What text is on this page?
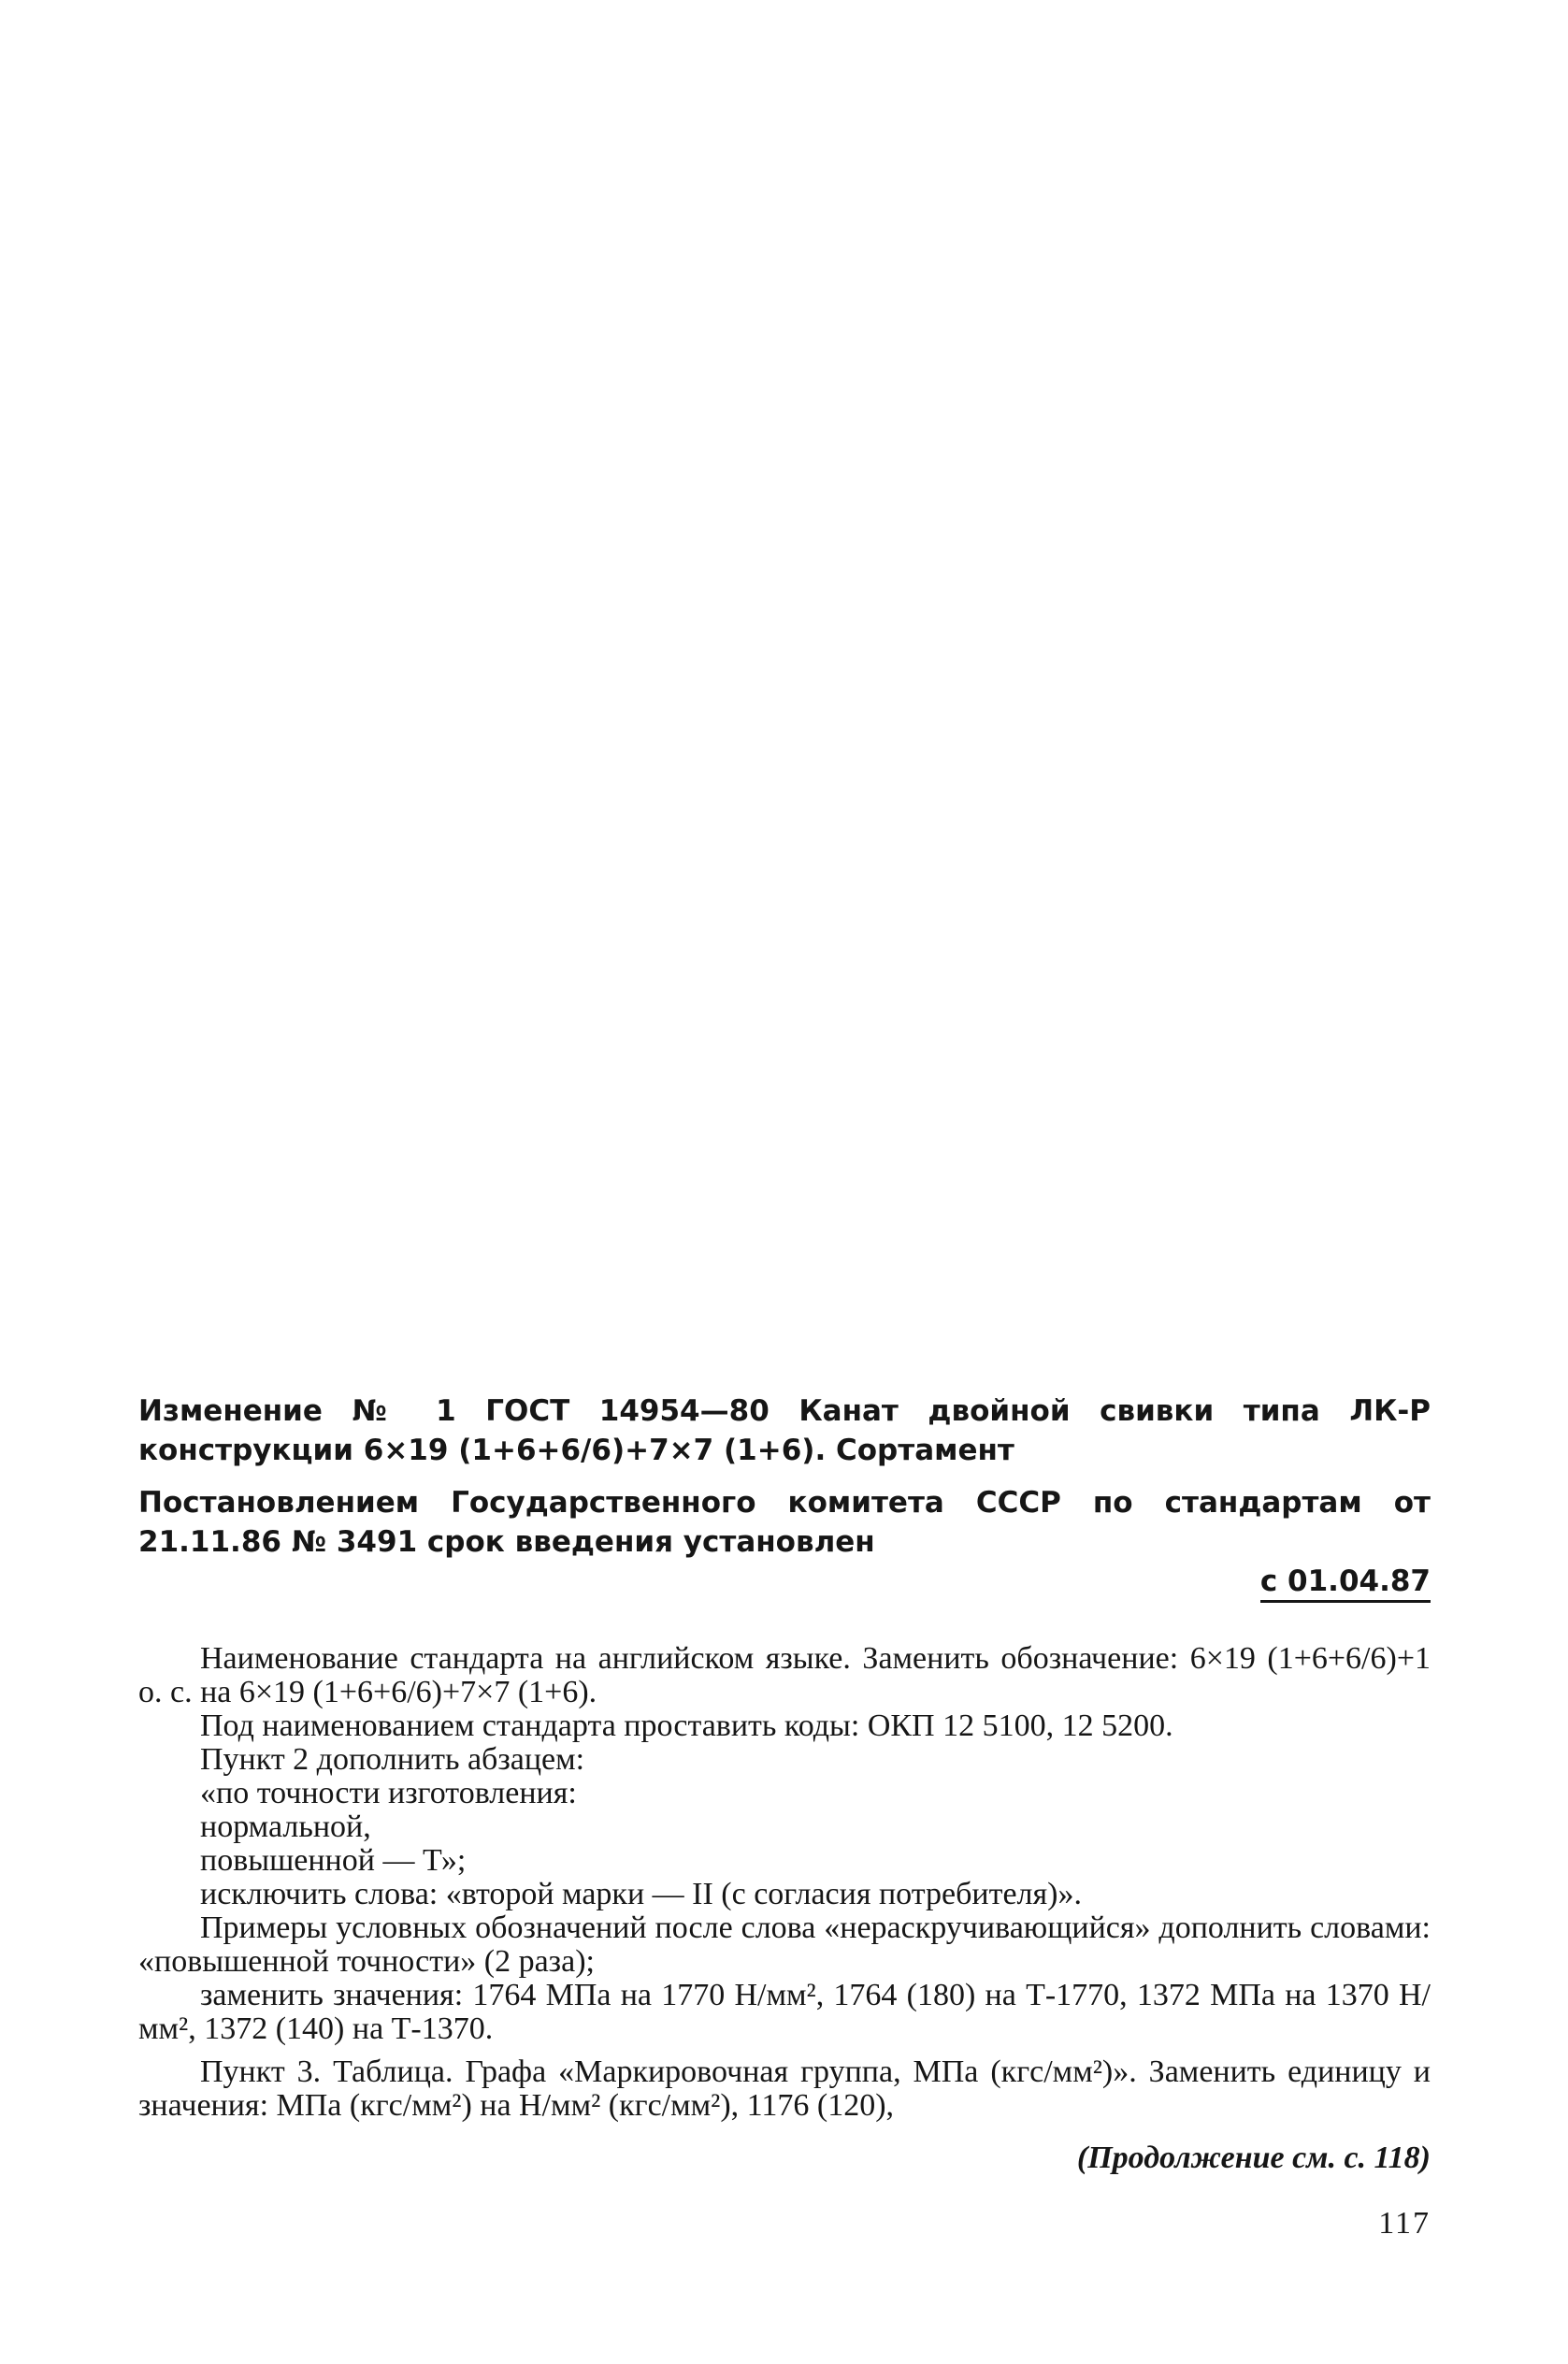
Изменение № 1 ГОСТ 14954—80 Канат двойной свивки типа ЛК-Р конструкции 6×19 (1+6+6/6)+7×7 (1+6). Сортамент

Постановлением Государственного комитета СССР по стандартам от 21.11.86 № 3491 срок введения установлен

с 01.04.87

Наименование стандарта на английском языке. Заменить обозначение: 6×19 (1+6+6/6)+1 о. с. на 6×19 (1+6+6/6)+7×7 (1+6).

Под наименованием стандарта проставить коды: ОКП 12 5100, 12 5200.

Пункт 2 дополнить абзацем:

«по точности изготовления:

нормальной,

повышенной — Т»;

исключить слова: «второй марки — II (с согласия потребителя)».

Примеры условных обозначений после слова «нераскручивающийся» дополнить словами: «повышенной точности» (2 раза);

заменить значения: 1764 МПа на 1770 Н/мм², 1764 (180) на Т-1770, 1372 МПа на 1370 Н/мм², 1372 (140) на Т-1370.

Пункт 3. Таблица. Графа «Маркировочная группа, МПа (кгс/мм²)». Заменить единицу и значения: МПа (кгс/мм²) на Н/мм² (кгс/мм²), 1176 (120),

(Продолжение см. с. 118)
117
